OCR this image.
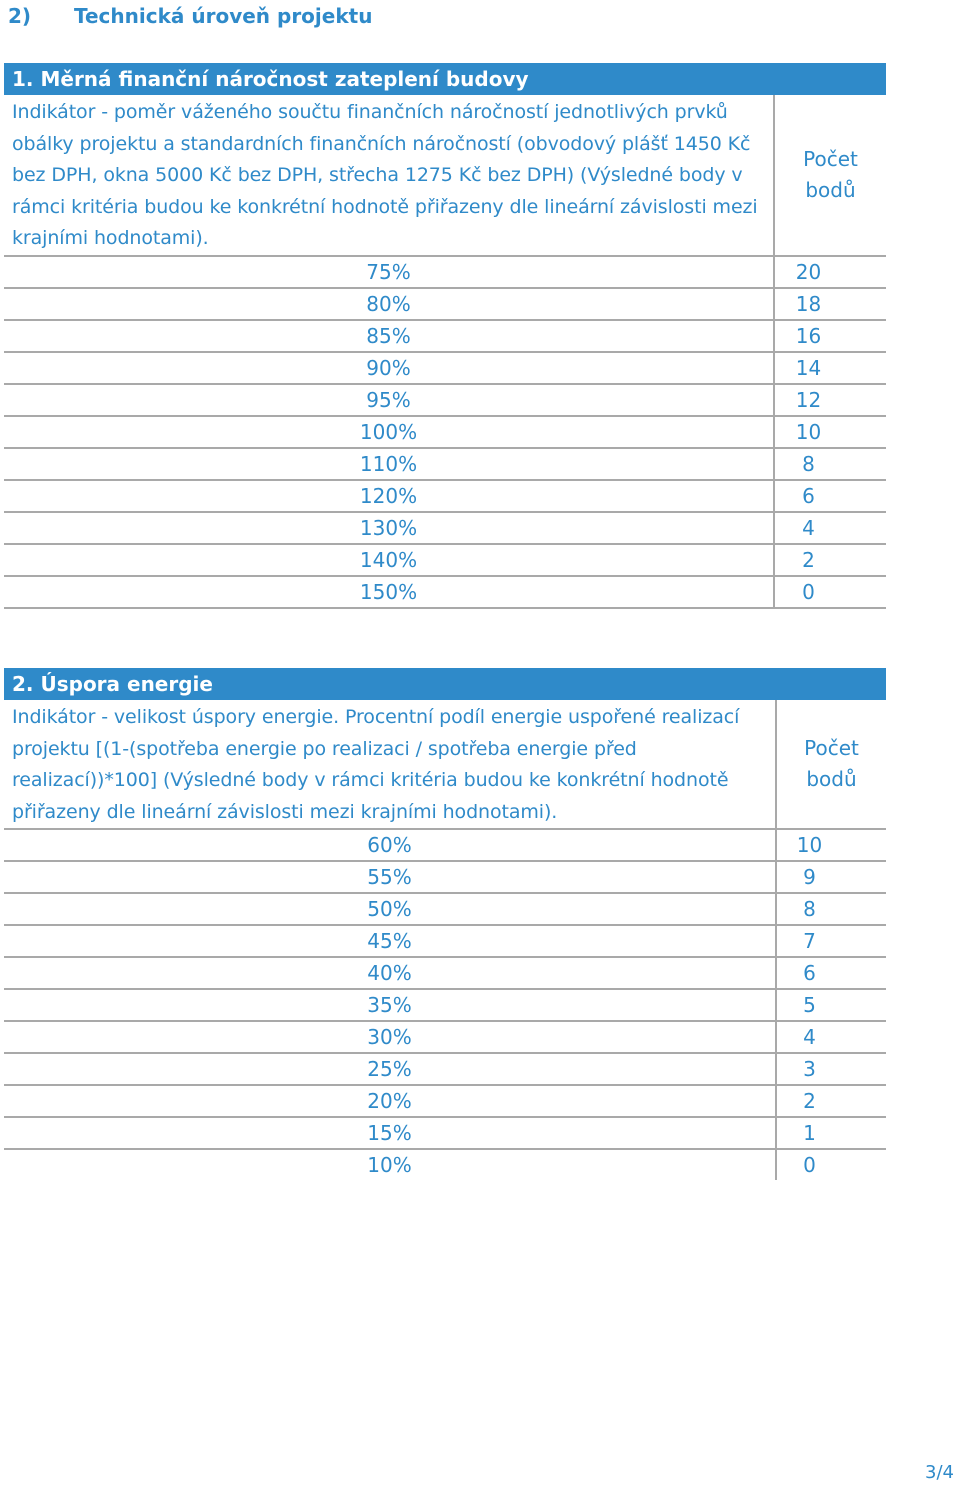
2) Technická úroveň projektu
1. Měrná finanční náročnost zateplení budovy	
Indikátor - poměr váženého součtu finančních náročností jednotlivých prvků obálky projektu a standardních finančních náročností (obvodový plášť 1450 Kč bez DPH, okna 5000 Kč bez DPH, střecha 1275 Kč bez DPH) (Výsledné body v rámci kritéria budou ke konkrétní hodnotě přiřazeny dle lineární závislosti mezi krajními hodnotami).	Počet bodů
75%	20
80%	18
85%	16
90%	14
95%	12
100%	10
110%	8
120%	6
130%	4
140%	2
150%	0
2. Úspora energie	
Indikátor - velikost úspory energie. Procentní podíl energie uspořené realizací projektu [(1-(spotřeba energie po realizaci / spotřeba energie před realizací))*100] (Výsledné body v rámci kritéria budou ke konkrétní hodnotě přiřazeny dle lineární závislosti mezi krajními hodnotami).	Počet bodů
60%	10
55%	9
50%	8
45%	7
40%	6
35%	5
30%	4
25%	3
20%	2
15%	1
10%	0
3/4
